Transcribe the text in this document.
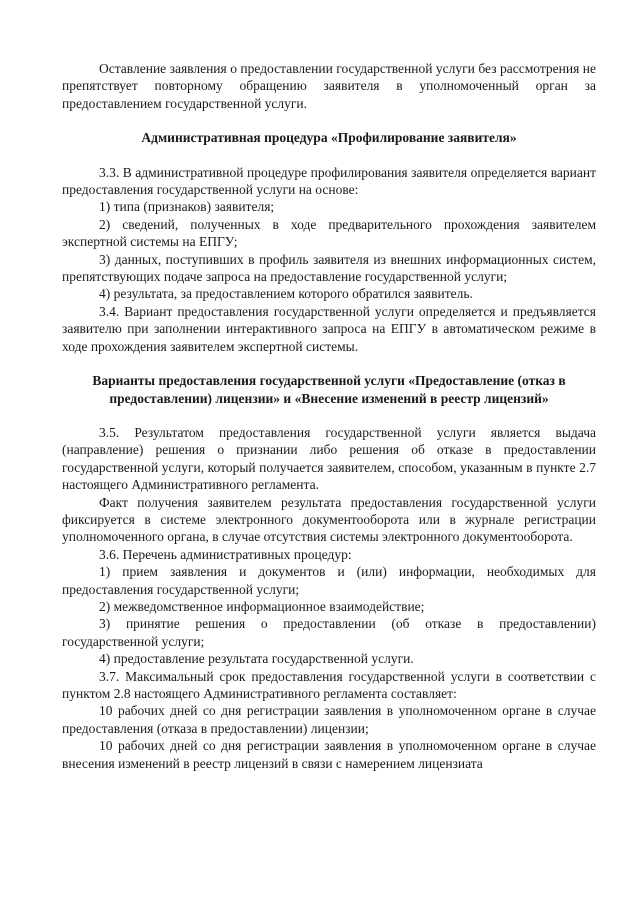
Оставление заявления о предоставлении государственной услуги без рассмотрения не препятствует повторному обращению заявителя в уполномоченный орган за предоставлением государственной услуги.

Административная процедура «Профилирование заявителя»

3.3. В административной процедуре профилирования заявителя определяется вариант предоставления государственной услуги на основе:

1) типа (признаков) заявителя;

2) сведений, полученных в ходе предварительного прохождения заявителем экспертной системы на ЕПГУ;

3) данных, поступивших в профиль заявителя из внешних информационных систем, препятствующих подаче запроса на предоставление государственной услуги;

4) результата, за предоставлением которого обратился заявитель.

3.4. Вариант предоставления государственной услуги определяется и предъявляется заявителю при заполнении интерактивного запроса на ЕПГУ в автоматическом режиме в ходе прохождения заявителем экспертной системы.

Варианты предоставления государственной услуги «Предоставление (отказ в предоставлении) лицензии» и «Внесение изменений в реестр лицензий»

3.5. Результатом предоставления государственной услуги является выдача (направление) решения о признании либо решения об отказе в предоставлении государственной услуги, который получается заявителем, способом, указанным в пункте 2.7 настоящего Административного регламента.

Факт получения заявителем результата предоставления государственной услуги фиксируется в системе электронного документооборота или в журнале регистрации уполномоченного органа, в случае отсутствия системы электронного документооборота.

3.6. Перечень административных процедур:

1) прием заявления и документов и (или) информации, необходимых для предоставления государственной услуги;

2) межведомственное информационное взаимодействие;

3) принятие решения о предоставлении (об отказе в предоставлении) государственной услуги;

4) предоставление результата государственной услуги.

3.7. Максимальный срок предоставления государственной услуги в соответствии с пунктом 2.8 настоящего Административного регламента составляет:

10 рабочих дней со дня регистрации заявления в уполномоченном органе в случае предоставления (отказа в предоставлении) лицензии;

10 рабочих дней со дня регистрации заявления в уполномоченном органе в случае внесения изменений в реестр лицензий в связи с намерением лицензиата
